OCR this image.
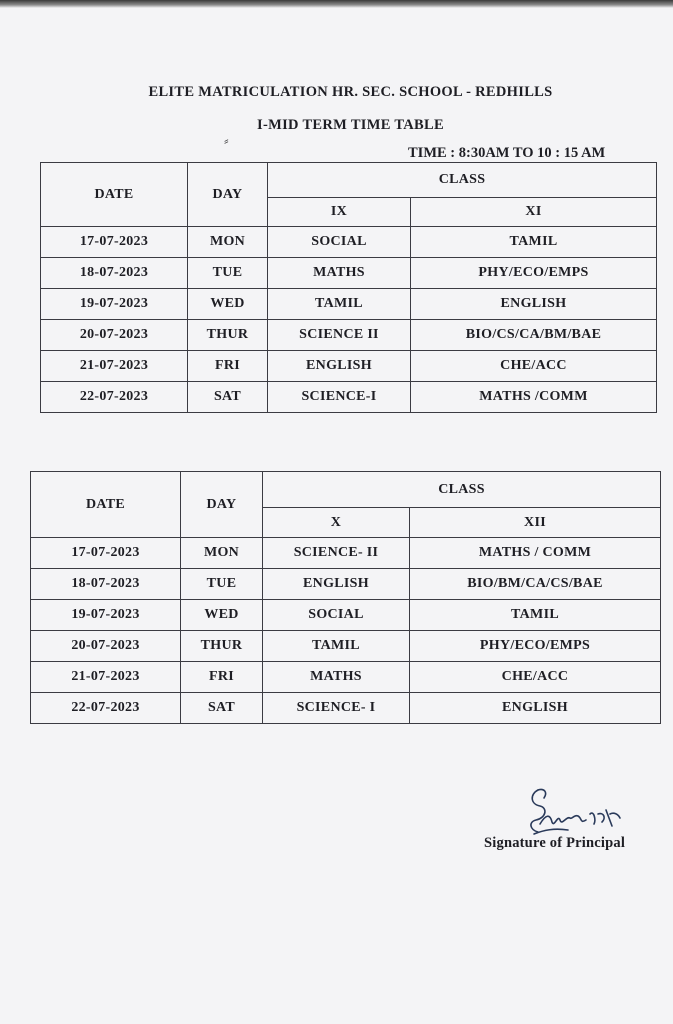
ELITE MATRICULATION HR. SEC. SCHOOL - REDHILLS
I-MID TERM TIME TABLE
⸗
TIME : 8:30AM TO 10 : 15 AM
DATE	DAY	CLASS	
		IX	XI
17-07-2023	MON	SOCIAL	TAMIL
18-07-2023	TUE	MATHS	PHY/ECO/EMPS
19-07-2023	WED	TAMIL	ENGLISH
20-07-2023	THUR	SCIENCE II	BIO/CS/CA/BM/BAE
21-07-2023	FRI	ENGLISH	CHE/ACC
22-07-2023	SAT	SCIENCE-I	MATHS /COMM
DATE	DAY	CLASS	
		X	XII
17-07-2023	MON	SCIENCE- II	MATHS / COMM
18-07-2023	TUE	ENGLISH	BIO/BM/CA/CS/BAE
19-07-2023	WED	SOCIAL	TAMIL
20-07-2023	THUR	TAMIL	PHY/ECO/EMPS
21-07-2023	FRI	MATHS	CHE/ACC
22-07-2023	SAT	SCIENCE- I	ENGLISH
Signature of Principal
